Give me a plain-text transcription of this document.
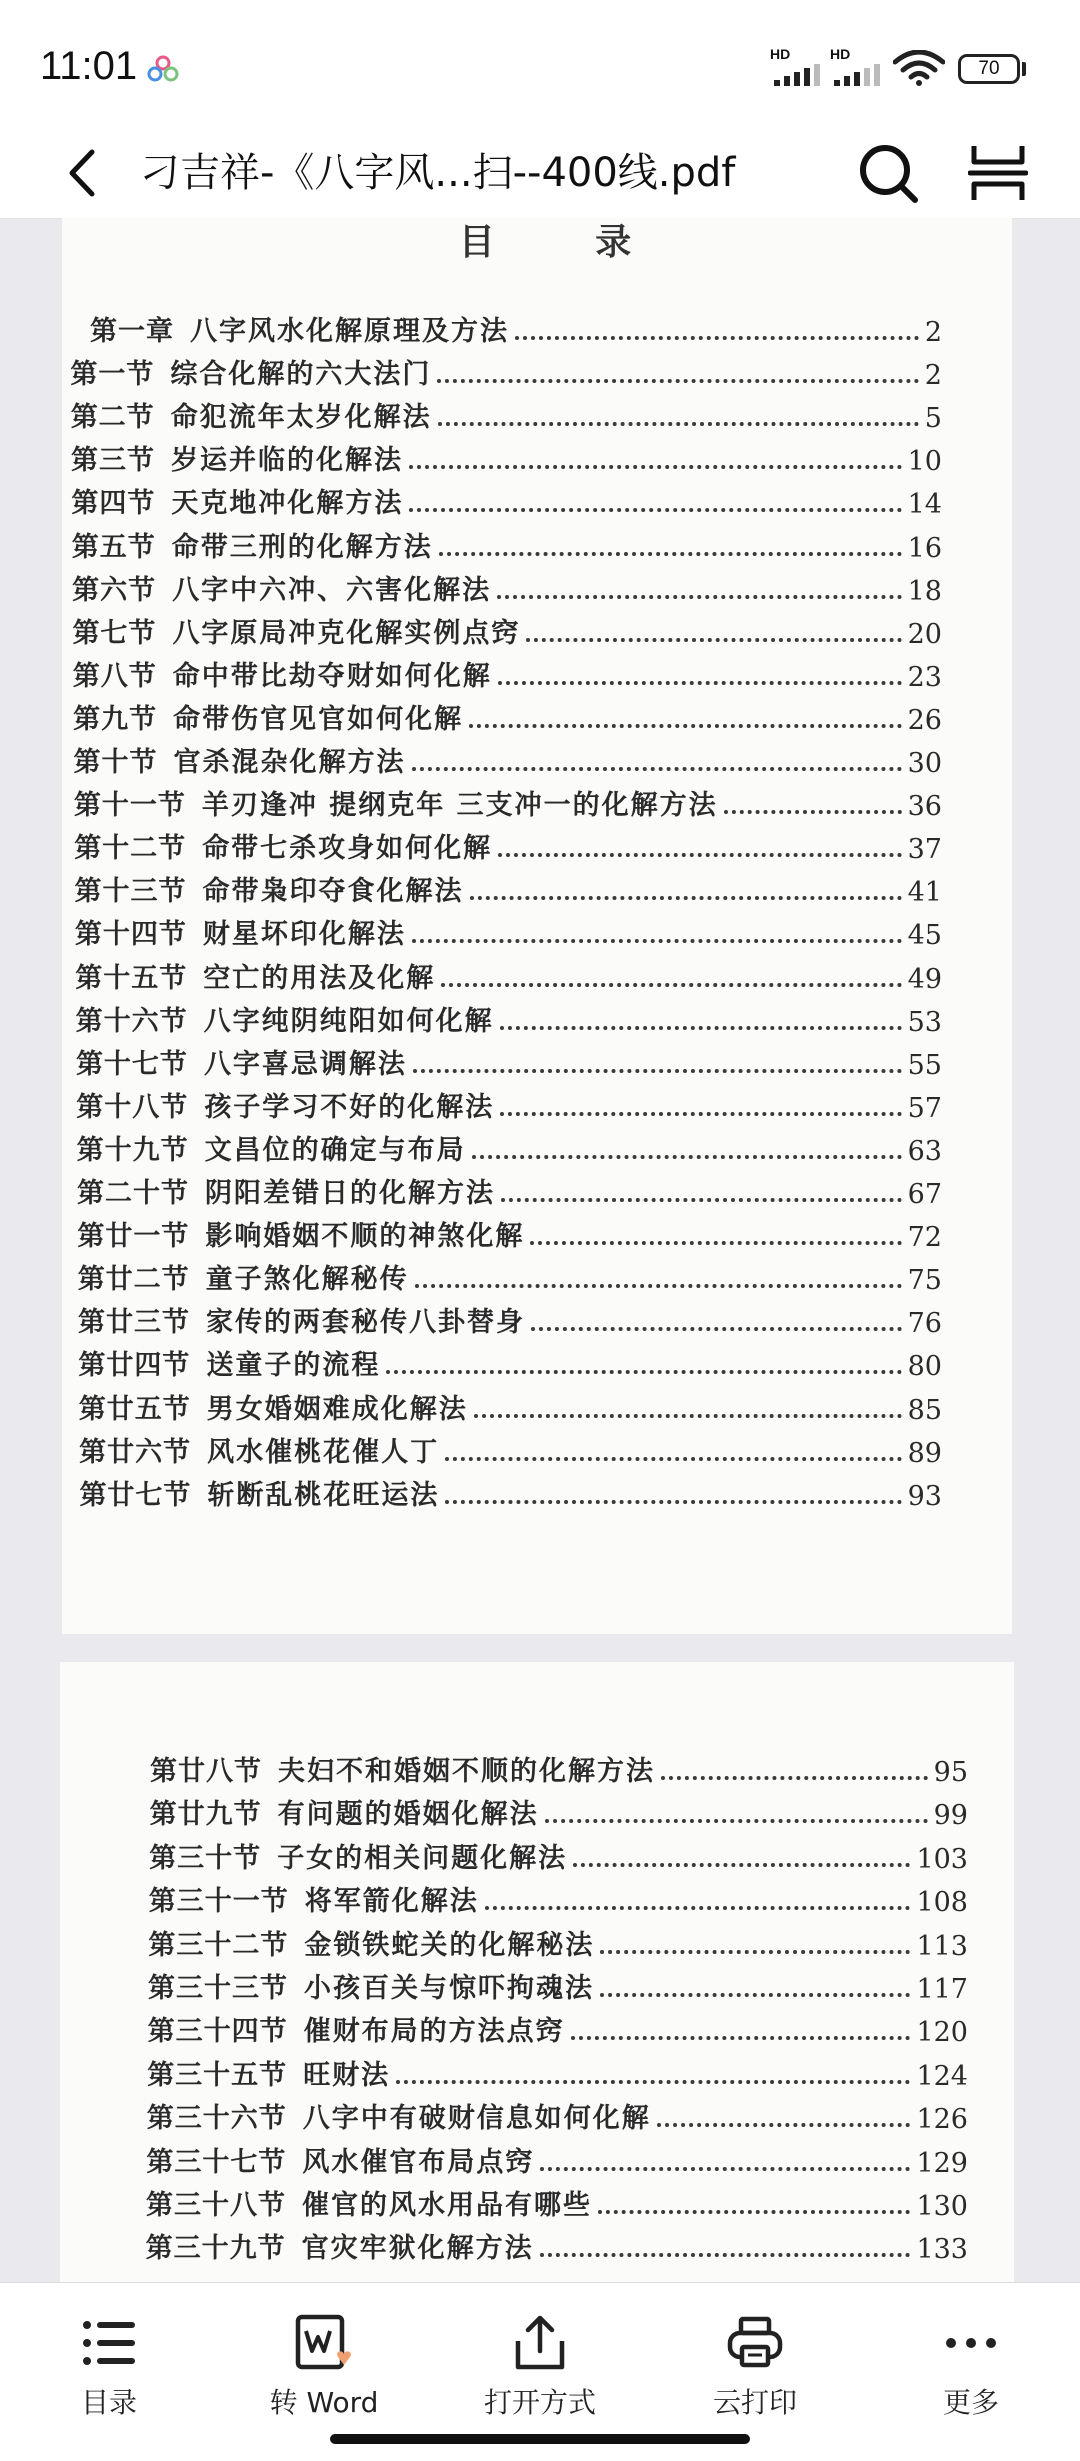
11:01	HD	HD
70
刁吉祥-《八字风...扫--400线.pdf
目 录
第一章 八字风水化解原理及方法	2
第一节 综合化解的六大法门	2
第二节 命犯流年太岁化解法	5
第三节 岁运并临的化解法	10
第四节 天克地冲化解方法	14
第五节 命带三刑的化解方法	16
第六节 八字中六冲、六害化解法	18
第七节 八字原局冲克化解实例点窍	20
第八节 命中带比劫夺财如何化解	23
第九节 命带伤官见官如何化解	26
第十节 官杀混杂化解方法	30
第十一节 羊刃逢冲 提纲克年 三支冲一的化解方法	36
第十二节 命带七杀攻身如何化解	37
第十三节 命带枭印夺食化解法	41
第十四节 财星坏印化解法	45
第十五节 空亡的用法及化解	49
第十六节 八字纯阴纯阳如何化解	53
第十七节 八字喜忌调解法	55
第十八节 孩子学习不好的化解法	57
第十九节 文昌位的确定与布局	63
第二十节 阴阳差错日的化解方法	67
第廿一节 影响婚姻不顺的神煞化解	72
第廿二节 童子煞化解秘传	75
第廿三节 家传的两套秘传八卦替身	76
第廿四节 送童子的流程	80
第廿五节 男女婚姻难成化解法	85
第廿六节 风水催桃花催人丁	89
第廿七节 斩断乱桃花旺运法	93
第廿八节 夫妇不和婚姻不顺的化解方法	95
第廿九节 有问题的婚姻化解法	99
第三十节 子女的相关问题化解法	103
第三十一节 将军箭化解法	108
第三十二节 金锁铁蛇关的化解秘法	113
第三十三节 小孩百关与惊吓拘魂法	117
第三十四节 催财布局的方法点窍	120
第三十五节 旺财法	124
第三十六节 八字中有破财信息如何化解	126
第三十七节 风水催官布局点窍	129
第三十八节 催官的风水用品有哪些	130
第三十九节 官灾牢狱化解方法	133
目录	转 Word	打开方式	云打印	更多
